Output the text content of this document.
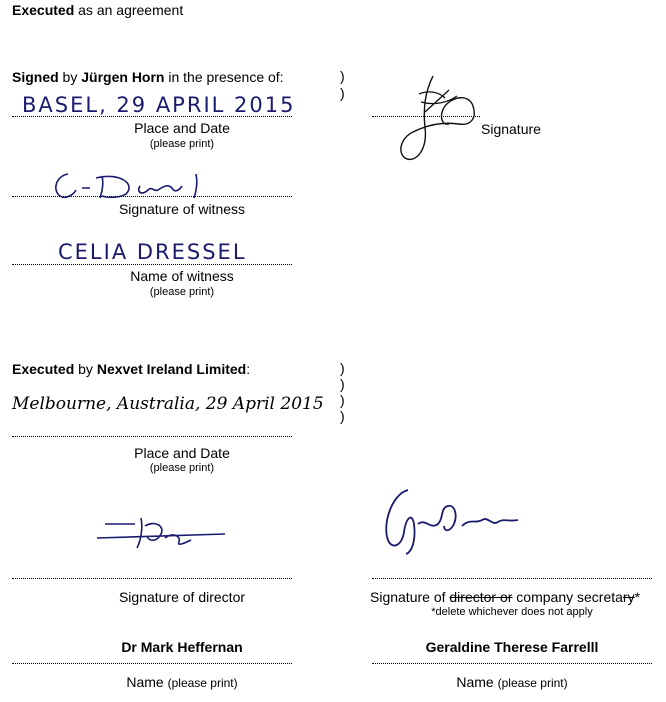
Executed as an agreement
Signed by Jürgen Horn in the presence of:	)
)
BASEL, 29 APRIL 2015
Place and Date
(please print)
Signature
Signature of witness
CELIA DRESSEL
Name of witness
(please print)
Executed by Nexvet Ireland Limited:	)
)
)
)
Melbourne, Australia, 29 April 2015
Place and Date
(please print)
Signature of director	Signature of director or company secretary*
*delete whichever does not apply
Dr Mark Heffernan
Name (please print)
Geraldine Therese Farrelll
Name (please print)
